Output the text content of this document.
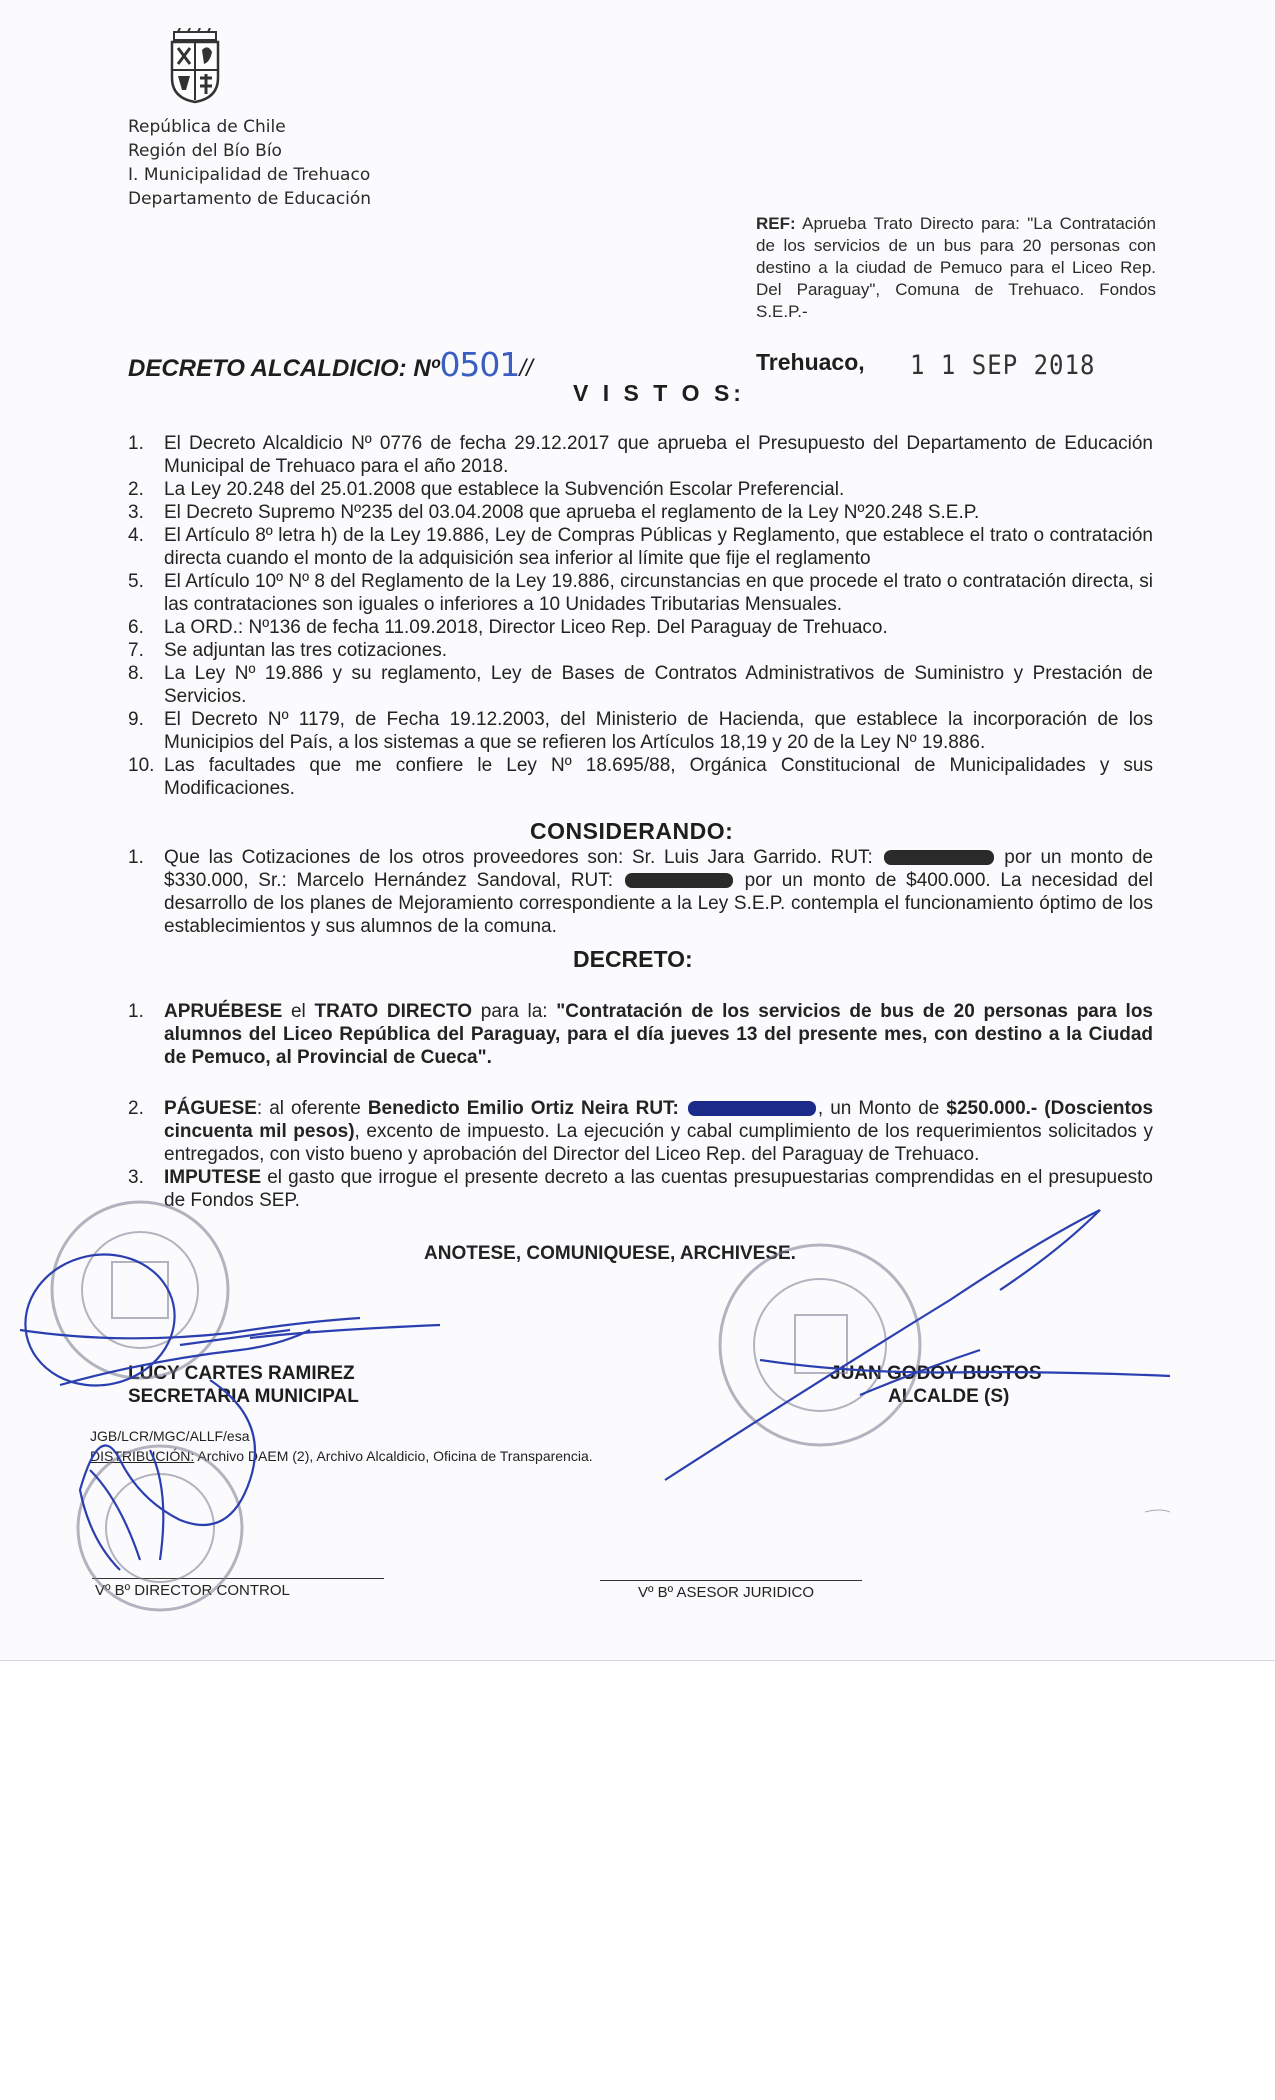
República de Chile
Región del Bío Bío
I. Municipalidad de Trehuaco
Departamento de Educación
REF: Aprueba Trato Directo para: "La Contratación de los servicios de un bus para 20 personas con destino a la ciudad de Pemuco para el Liceo Rep. Del Paraguay", Comuna de Trehuaco. Fondos S.E.P.-
DECRETO ALCALDICIO: Nº0501//	Trehuaco, 1 1 SEP 2018
V I S T O S:
1.	El Decreto Alcaldicio Nº 0776 de fecha 29.12.2017 que aprueba el Presupuesto del Departamento de Educación Municipal de Trehuaco para el año 2018.
2.	La Ley 20.248 del 25.01.2008 que establece la Subvención Escolar Preferencial.
3.	El Decreto Supremo Nº235 del 03.04.2008 que aprueba el reglamento de la Ley Nº20.248 S.E.P.
4.	El Artículo 8º letra h) de la Ley 19.886, Ley de Compras Públicas y Reglamento, que establece el trato o contratación directa cuando el monto de la adquisición sea inferior al límite que fije el reglamento
5.	El Artículo 10º Nº 8 del Reglamento de la Ley 19.886, circunstancias en que procede el trato o contratación directa, si las contrataciones son iguales o inferiores a 10 Unidades Tributarias Mensuales.
6.	La ORD.: Nº136 de fecha 11.09.2018, Director Liceo Rep. Del Paraguay de Trehuaco.
7.	Se adjuntan las tres cotizaciones.
8.	La Ley Nº 19.886 y su reglamento, Ley de Bases de Contratos Administrativos de Suministro y Prestación de Servicios.
9.	El Decreto Nº 1179, de Fecha 19.12.2003, del Ministerio de Hacienda, que establece la incorporación de los Municipios del País, a los sistemas a que se refieren los Artículos 18,19 y 20 de la Ley Nº 19.886.
10. Las facultades que me confiere le Ley Nº 18.695/88, Orgánica Constitucional de Municipalidades y sus Modificaciones.
CONSIDERANDO:
1.	Que las Cotizaciones de los otros proveedores son: Sr. Luis Jara Garrido. RUT:	por un monto de $330.000, Sr.: Marcelo Hernández Sandoval, RUT:	por un monto de $400.000. La necesidad del desarrollo de los planes de Mejoramiento correspondiente a la Ley S.E.P. contempla el funcionamiento óptimo de los establecimientos y sus alumnos de la comuna.
DECRETO:
1.	APRUÉBESE el TRATO DIRECTO para la: "Contratación de los servicios de bus de 20 personas para los alumnos del Liceo República del Paraguay, para el día jueves 13 del presente mes, con destino a la Ciudad de Pemuco, al Provincial de Cueca".
2.	PÁGUESE: al oferente Benedicto Emilio Ortiz Neira RUT:	, un Monto de $250.000.- (Doscientos cincuenta mil pesos), excento de impuesto. La ejecución y cabal cumplimiento de los requerimientos solicitados y entregados, con visto bueno y aprobación del Director del Liceo Rep. del Paraguay de Trehuaco.
3.	IMPUTESE el gasto que irrogue el presente decreto a las cuentas presupuestarias comprendidas en el presupuesto de Fondos SEP.
ANOTESE, COMUNIQUESE, ARCHIVESE.
LUCY CARTES RAMIREZ
SECRETARIA MUNICIPAL
JUAN GODOY BUSTOS
ALCALDE (S)
JGB/LCR/MGC/ALLF/esa
DISTRIBUCIÓN: Archivo DAEM (2), Archivo Alcaldicio, Oficina de Transparencia.
Vº Bº DIRECTOR CONTROL	Vº Bº ASESOR JURIDICO
